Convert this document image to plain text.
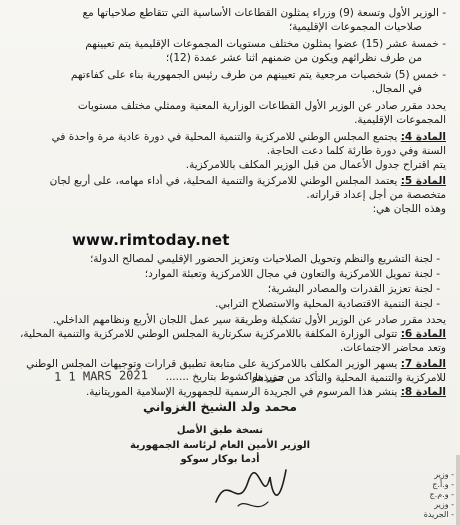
- الوزير الأول وتسعة (9) وزراء يمثلون القطاعات الأساسية التي تتقاطع صلاحياتها مع
صلاحيات المجموعات الإقليمية؛
- خمسة عشر (15) عضوا يمثلون مختلف مستويات المجموعات الإقليمية يتم تعيينهم
من طرف نظرائهم ويكون من ضمنهم اثنا عشر عمدة (12)؛
- خمس (5) شخصيات مرجعية يتم تعيينهم من طرف رئيس الجمهورية بناء على كفاءتهم
في المجال.
يحدد مقرر صادر عن الوزير الأول القطاعات الوزارية المعنية وممثلي مختلف مستويات
المجموعات الإقليمية.
المادة 4: يجتمع المجلس الوطني للامركزية والتنمية المحلية في دورة عادية مرة واحدة في
السنة وفي دورة طارئة كلما دعت الحاجة.
يتم اقتراح جدول الأعمال من قبل الوزير المكلف باللامركزية.
المادة 5: يعتمد المجلس الوطني للامركزية والتنمية المحلية، في أداء مهامه، على أربع لجان
متخصصة من أجل إعداد قراراته.
وهذه اللجان هي:
www.rimtoday.net
- لجنة التشريع والنظم وتحويل الصلاحيات وتعزيز الحضور الإقليمي لمصالح الدولة؛
- لجنة تمويل اللامركزية والتعاون في مجال اللامركزية وتعبئة الموارد؛
- لجنة تعزيز القدرات والمصادر البشرية؛
- لجنة التنمية الاقتصادية المحلية والاستصلاح الترابي.
يحدد مقرر صادر عن الوزير الأول تشكيلة وطريقة سير عمل اللجان الأربع ونظامهم الداخلي.
المادة 6: تتولى الوزارة المكلفة باللامركزية سكرتارية المجلس الوطني للامركزية والتنمية المحلية،
وتعد محاضر الاجتماعات.
المادة 7: يسهر الوزير المكلف باللامركزية على متابعة تطبيق قرارات وتوجيهات المجلس الوطني
للامركزية والتنمية المحلية والتأكد من تنفيذها.
المادة 8: ينشر هذا المرسوم في الجريدة الرسمية للجمهورية الإسلامية الموريتانية.
1 1 MARS 2021	حرر بنواكشوط بتاريخ .......
محمد ولد الشيخ الغزواني
نسخة طبق الأصل
الوزير الأمين العام لرئاسة الجمهورية
أدما بوكار سوكو
- وزير
- و.أ.ج
- و.م.ج
- وزير
- الجريدة
